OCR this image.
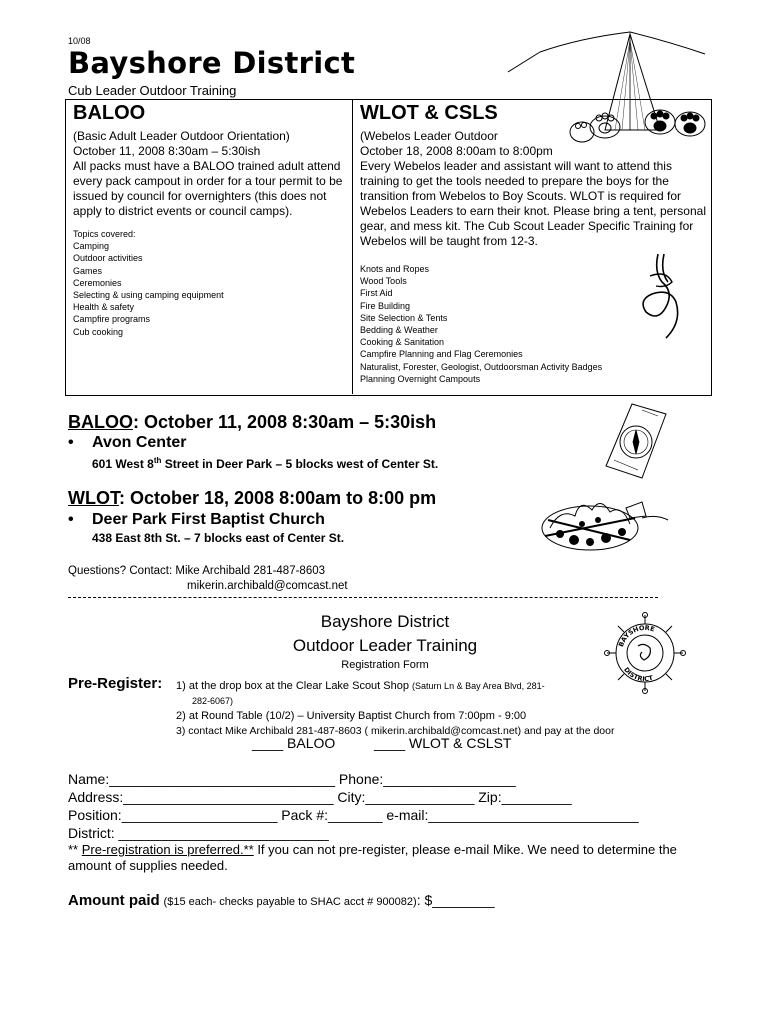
10/08
Bayshore District
Cub Leader Outdoor Training
BALOO
(Basic Adult Leader Outdoor Orientation)
October 11, 2008 8:30am – 5:30ish
All packs must have a BALOO trained adult attend every pack campout in order for a tour permit to be issued by council for overnighters (this does not apply to district events or council camps).
Topics covered:
Camping
Outdoor activities
Games
Ceremonies
Selecting & using camping equipment
Health & safety
Campfire programs
Cub cooking
WLOT & CSLS
(Webelos Leader Outdoor
October 18, 2008 8:00am to 8:00pm
Every Webelos leader and assistant will want to attend this training to get the tools needed to prepare the boys for the transition from Webelos to Boy Scouts. WLOT is required for Webelos Leaders to earn their knot. Please bring a tent, personal gear, and mess kit. The Cub Scout Leader Specific Training for Webelos will be taught from 12-3.
Knots and Ropes
Wood Tools
First Aid
Fire Building
Site Selection & Tents
Bedding & Weather
Cooking & Sanitation
Campfire Planning and Flag Ceremonies
Naturalist, Forester, Geologist, Outdoorsman Activity Badges
Planning Overnight Campouts
BALOO: October 11, 2008 8:30am – 5:30ish
• Avon Center
601 West 8th Street in Deer Park – 5 blocks west of Center St.
WLOT: October 18, 2008 8:00am to 8:00 pm
• Deer Park First Baptist Church
438 East 8th St. – 7 blocks east of Center St.
Questions? Contact: Mike Archibald 281-487-8603
mikerin.archibald@comcast.net
Bayshore District
Outdoor Leader Training
Registration Form
BAYSHORE
DISTRICT
Pre-Register: 1) at the drop box at the Clear Lake Scout Shop (Saturn Ln & Bay Area Blvd, 281-
282-6067)
2) at Round Table (10/2) – University Baptist Church from 7:00pm - 9:00
3) contact Mike Archibald 281-487-8603 ( mikerin.archibald@comcast.net) and pay at the door
____ BALOO	____ WLOT & CSLST
Name:_____________________________ Phone:_________________
Address:___________________________ City:______________ Zip:_________
Position:____________________ Pack #:_______ e-mail:___________________________
District: ___________________________
** Pre-registration is preferred.** If you can not pre-register, please e-mail Mike. We need to determine the amount of supplies needed.
Amount paid ($15 each- checks payable to SHAC acct # 900082): $________
